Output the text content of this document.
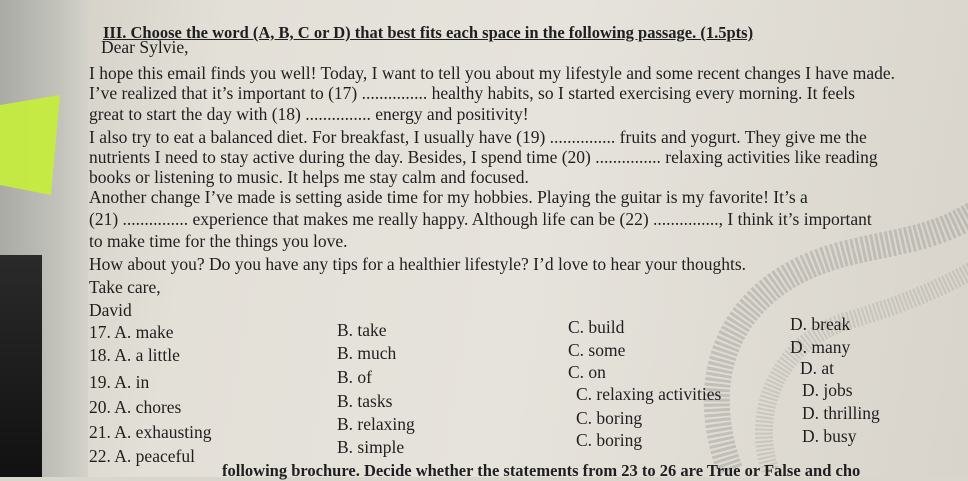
III. Choose the word (A, B, C or D) that best fits each space in the following passage. (1.5pts)
Dear Sylvie,
I hope this email finds you well! Today, I want to tell you about my lifestyle and some recent changes I have made.
I’ve realized that it’s important to (17) ............... healthy habits, so I started exercising every morning. It feels
great to start the day with (18) ............... energy and positivity!
I also try to eat a balanced diet. For breakfast, I usually have (19) ............... fruits and yogurt. They give me the
nutrients I need to stay active during the day. Besides, I spend time (20) ............... relaxing activities like reading
books or listening to music. It helps me stay calm and focused.
Another change I’ve made is setting aside time for my hobbies. Playing the guitar is my favorite! It’s a
(21) ............... experience that makes me really happy. Although life can be (22) ..............., I think it’s important
to make time for the things you love.
How about you? Do you have any tips for a healthier lifestyle? I’d love to hear your thoughts.
Take care,
David
17. A. make	B. take	C. build	D. break
18. A. a little	B. much	C. some	D. many
19. A. in	B. of	C. on	D. at
20. A. chores	B. tasks	C. relaxing activities	D. jobs
21. A. exhausting	B. relaxing	C. boring	D. thrilling
22. A. peaceful	B. simple	C. boring	D. busy
following brochure. Decide whether the statements from 23 to 26 are True or False and cho
